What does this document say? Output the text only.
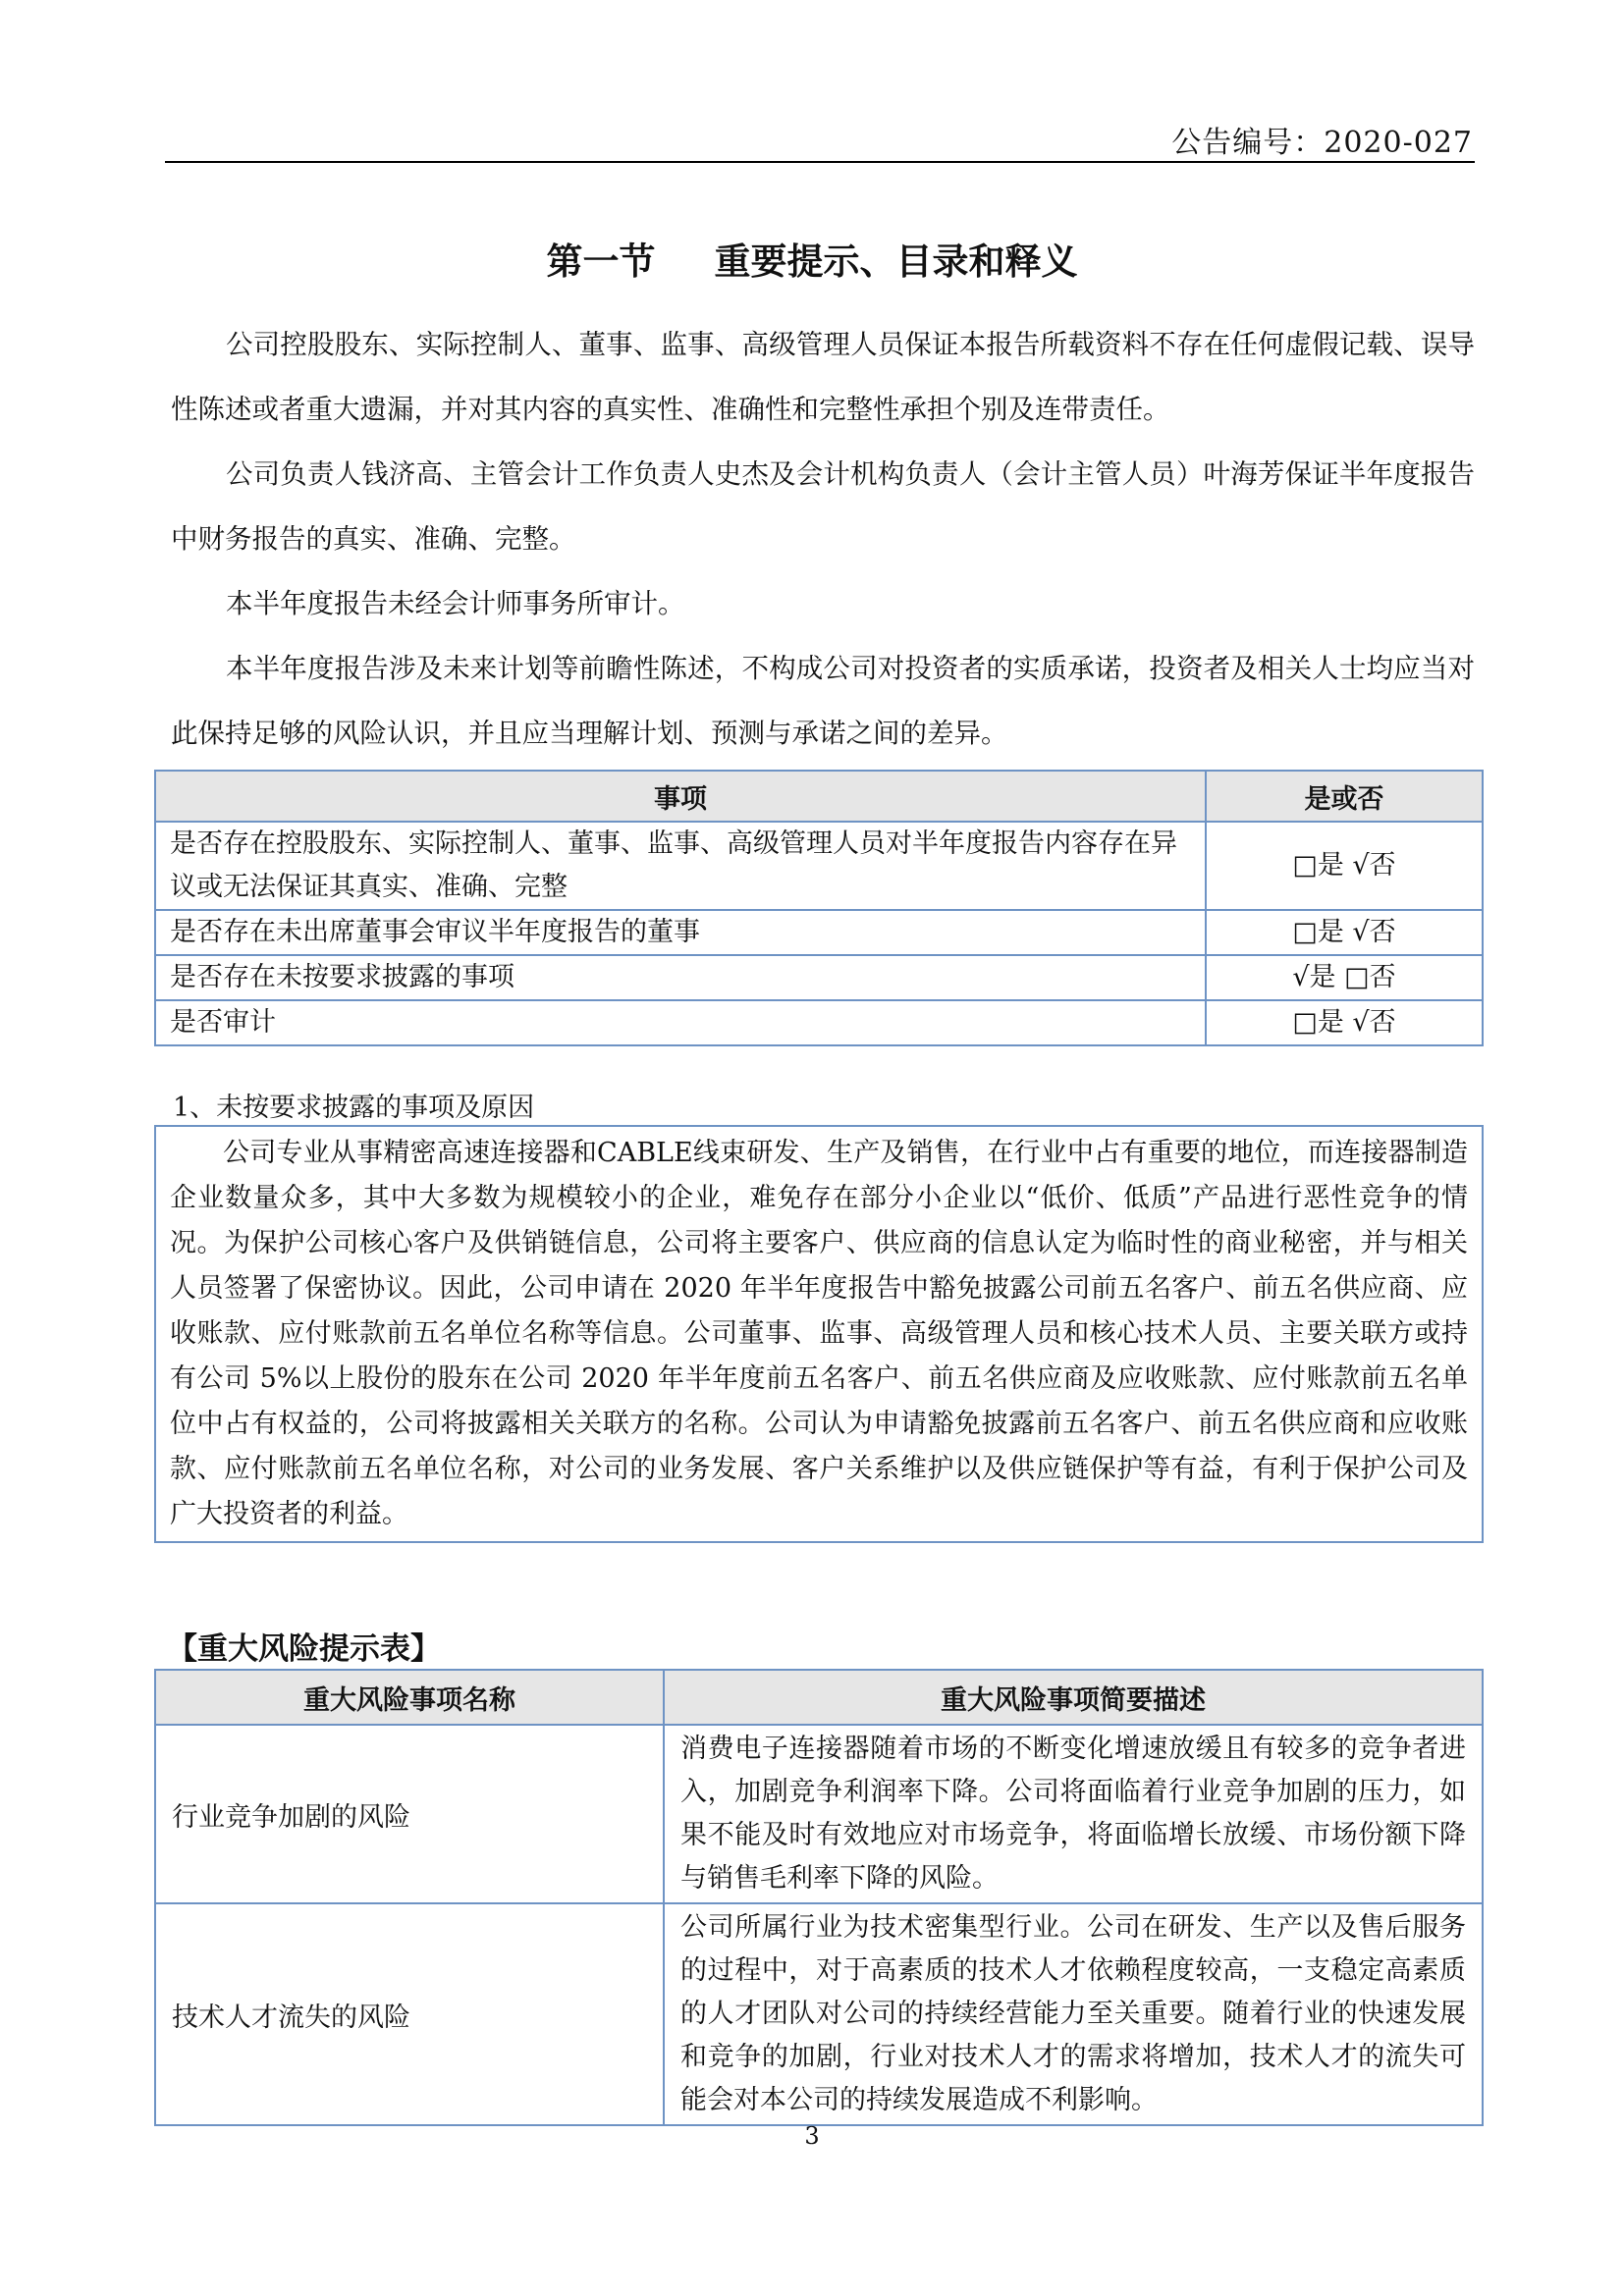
公告编号：2020-027
第一节 重要提示、目录和释义

公司控股股东、实际控制人、董事、监事、高级管理人员保证本报告所载资料不存在任何虚假记载、误导性陈述或者重大遗漏，并对其内容的真实性、准确性和完整性承担个别及连带责任。

公司负责人钱济高、主管会计工作负责人史杰及会计机构负责人（会计主管人员）叶海芳保证半年度报告中财务报告的真实、准确、完整。

本半年度报告未经会计师事务所审计。

本半年度报告涉及未来计划等前瞻性陈述，不构成公司对投资者的实质承诺，投资者及相关人士均应当对此保持足够的风险认识，并且应当理解计划、预测与承诺之间的差异。

事项	是或否
是否存在控股股东、实际控制人、董事、监事、高级管理人员对半年度报告内容存在异议或无法保证其真实、准确、完整	□是 √否
是否存在未出席董事会审议半年度报告的董事	□是 √否
是否存在未按要求披露的事项	√是 □否
是否审计	□是 √否
1、未按要求披露的事项及原因
公司专业从事精密高速连接器和CABLE线束研发、生产及销售，在行业中占有重要的地位，而连接器制造企业数量众多，其中大多数为规模较小的企业，难免存在部分小企业以“低价、低质”产品进行恶性竞争的情况。为保护公司核心客户及供销链信息，公司将主要客户、供应商的信息认定为临时性的商业秘密，并与相关人员签署了保密协议。因此，公司申请在 2020 年半年度报告中豁免披露公司前五名客户、前五名供应商、应收账款、应付账款前五名单位名称等信息。公司董事、监事、高级管理人员和核心技术人员、主要关联方或持有公司 5%以上股份的股东在公司 2020 年半年度前五名客户、前五名供应商及应收账款、应付账款前五名单位中占有权益的，公司将披露相关关联方的名称。公司认为申请豁免披露前五名客户、前五名供应商和应收账款、应付账款前五名单位名称，对公司的业务发展、客户关系维护以及供应链保护等有益，有利于保护公司及广大投资者的利益。
【重大风险提示表】
重大风险事项名称	重大风险事项简要描述
行业竞争加剧的风险	消费电子连接器随着市场的不断变化增速放缓且有较多的竞争者进入，加剧竞争利润率下降。公司将面临着行业竞争加剧的压力，如果不能及时有效地应对市场竞争，将面临增长放缓、市场份额下降与销售毛利率下降的风险。
技术人才流失的风险	公司所属行业为技术密集型行业。公司在研发、生产以及售后服务的过程中，对于高素质的技术人才依赖程度较高，一支稳定高素质的人才团队对公司的持续经营能力至关重要。随着行业的快速发展和竞争的加剧，行业对技术人才的需求将增加，技术人才的流失可能会对本公司的持续发展造成不利影响。
3
